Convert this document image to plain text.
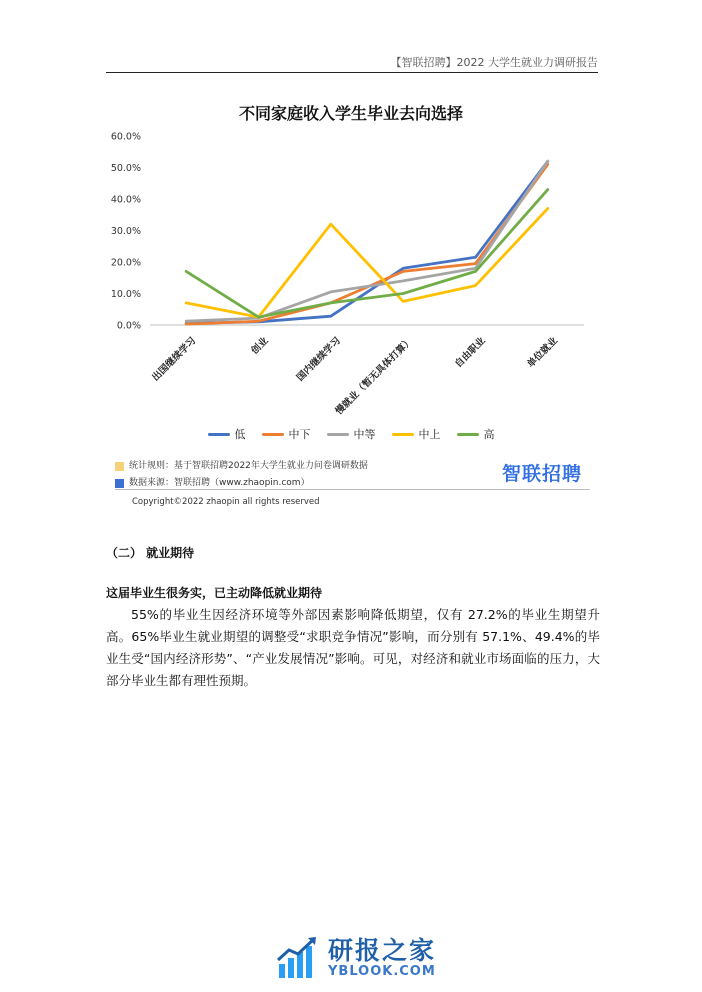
【智联招聘】2022 大学生就业力调研报告
不同家庭收入学生毕业去向选择
0.0%
10.0%
20.0%
30.0%
40.0%
50.0%
60.0%
出国继续学习	创业	国内继续学习
慢就业（暂无具体打算）	自由职业	单位就业
低	中下	中等	中上	高
统计规则：基于智联招聘2022年大学生就业力问卷调研数据
数据来源：智联招聘（www.zhaopin.com）	智联招聘
Copyright©2022 zhaopin all rights reserved
（二） 就业期待
这届毕业生很务实，已主动降低就业期待
55%的毕业生因经济环境等外部因素影响降低期望，仅有 27.2%的毕业生期望升高。65%毕业生就业期望的调整受“求职竞争情况”影响，而分别有 57.1%、49.4%的毕业生受“国内经济形势”、“产业发展情况”影响。可见，对经济和就业市场面临的压力，大部分毕业生都有理性预期。
研报之家
YBLOOK.COM
